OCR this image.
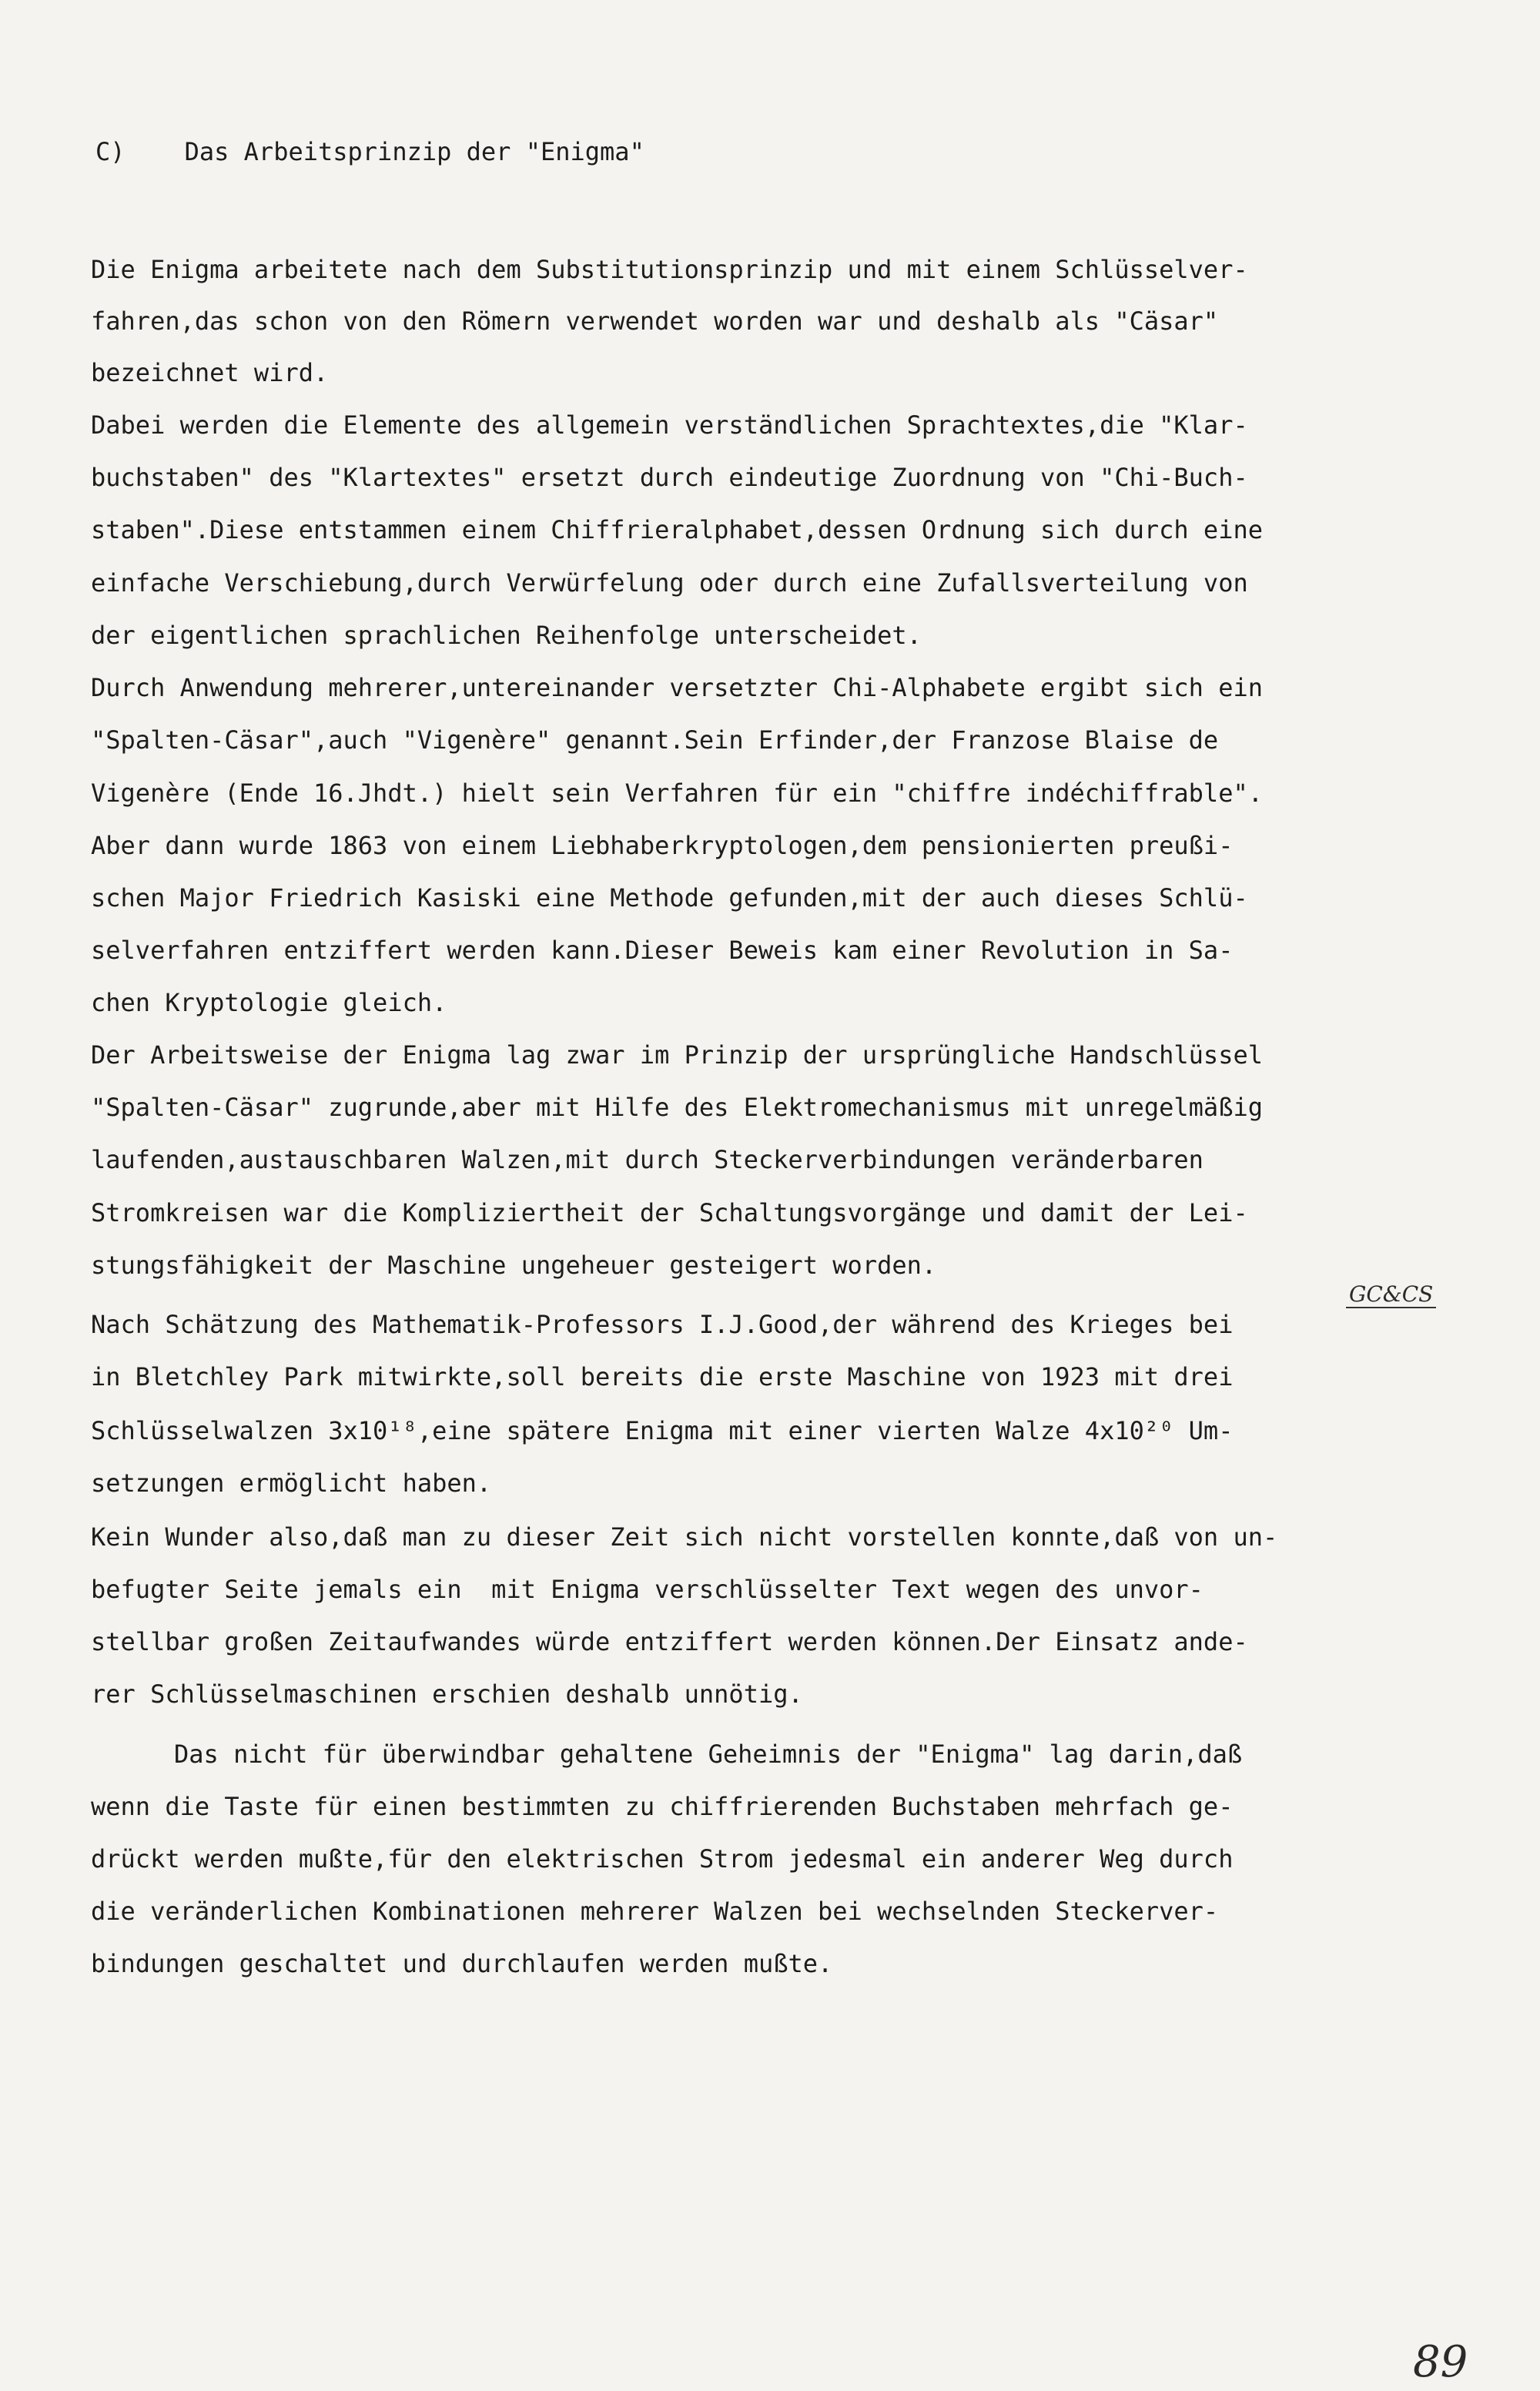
C)    Das Arbeitsprinzip der "Enigma"
Die Enigma arbeitete nach dem Substitutionsprinzip und mit einem Schlüsselver-
fahren,das schon von den Römern verwendet worden war und deshalb als "Cäsar"
bezeichnet wird.
Dabei werden die Elemente des allgemein verständlichen Sprachtextes,die "Klar-
buchstaben" des "Klartextes" ersetzt durch eindeutige Zuordnung von "Chi-Buch-
staben".Diese entstammen einem Chiffrieralphabet,dessen Ordnung sich durch eine
einfache Verschiebung,durch Verwürfelung oder durch eine Zufallsverteilung von
der eigentlichen sprachlichen Reihenfolge unterscheidet.
Durch Anwendung mehrerer,untereinander versetzter Chi-Alphabete ergibt sich ein
"Spalten-Cäsar",auch "Vigenère" genannt.Sein Erfinder,der Franzose Blaise de
Vigenère (Ende 16.Jhdt.) hielt sein Verfahren für ein "chiffre indéchiffrable".
Aber dann wurde 1863 von einem Liebhaberkryptologen,dem pensionierten preußi-
schen Major Friedrich Kasiski eine Methode gefunden,mit der auch dieses Schlü-
selverfahren entziffert werden kann.Dieser Beweis kam einer Revolution in Sa-
chen Kryptologie gleich.
Der Arbeitsweise der Enigma lag zwar im Prinzip der ursprüngliche Handschlüssel
"Spalten-Cäsar" zugrunde,aber mit Hilfe des Elektromechanismus mit unregelmäßig
laufenden,austauschbaren Walzen,mit durch Steckerverbindungen veränderbaren
Stromkreisen war die Kompliziertheit der Schaltungsvorgänge und damit der Lei-
stungsfähigkeit der Maschine ungeheuer gesteigert worden.
Nach Schätzung des Mathematik-Professors I.J.Good,der während des Krieges bei
in Bletchley Park mitwirkte,soll bereits die erste Maschine von 1923 mit drei
Schlüsselwalzen 3x10¹⁸,eine spätere Enigma mit einer vierten Walze 4x10²⁰ Um-
setzungen ermöglicht haben.
Kein Wunder also,daß man zu dieser Zeit sich nicht vorstellen konnte,daß von un-
befugter Seite jemals ein  mit Enigma verschlüsselter Text wegen des unvor-
stellbar großen Zeitaufwandes würde entziffert werden können.Der Einsatz ande-
rer Schlüsselmaschinen erschien deshalb unnötig.
Das nicht für überwindbar gehaltene Geheimnis der "Enigma" lag darin,daß
wenn die Taste für einen bestimmten zu chiffrierenden Buchstaben mehrfach ge-
drückt werden mußte,für den elektrischen Strom jedesmal ein anderer Weg durch
die veränderlichen Kombinationen mehrerer Walzen bei wechselnden Steckerver-
bindungen geschaltet und durchlaufen werden mußte.
GC&CS
89
